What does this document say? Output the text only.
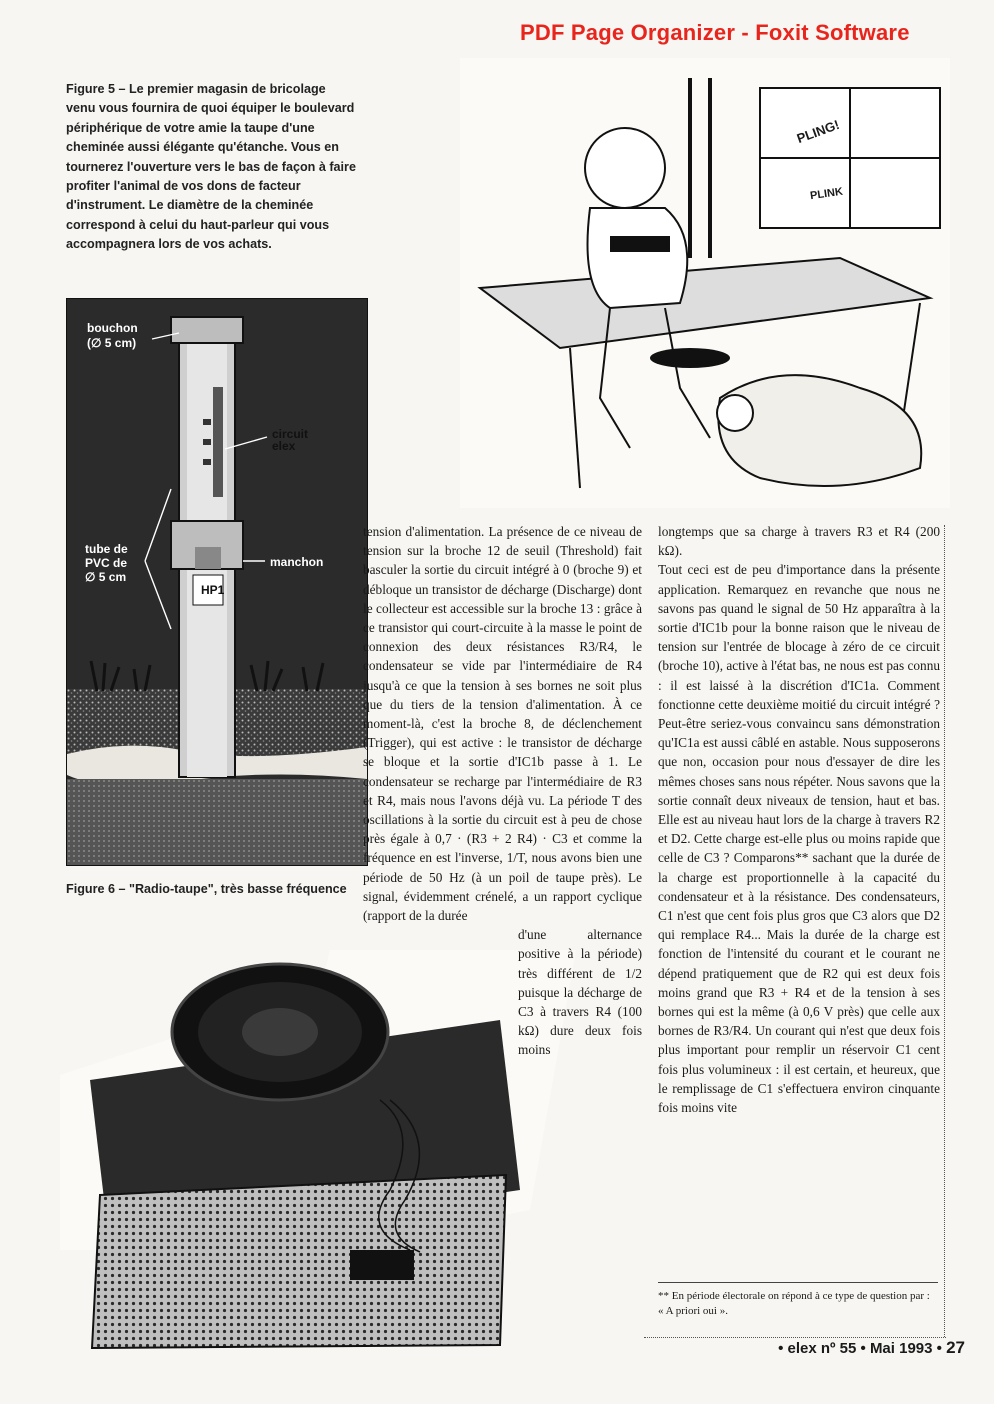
PDF Page Organizer - Foxit Software
Figure 5 – Le premier magasin de bricolage venu vous fournira de quoi équiper le boulevard périphérique de votre amie la taupe d'une cheminée aussi élégante qu'étanche. Vous en tournerez l'ouverture vers le bas de façon à faire profiter l'animal de vos dons de facteur d'instrument. Le diamètre de la cheminée correspond à celui du haut-parleur qui vous accompagnera lors de vos achats.
bouchon
(∅ 5 cm)
circuit
elex
tube de
PVC de
∅ 5 cm
manchon
HP1
PLING!
PLINK
Figure 6 – "Radio-taupe", très basse fréquence

tension d'alimentation. La présence de ce niveau de tension sur la broche 12 de seuil (Threshold) fait basculer la sortie du circuit intégré à 0 (broche 9) et débloque un transistor de décharge (Discharge) dont le collecteur est accessible sur la broche 13 : grâce à ce transistor qui court-circuite à la masse le point de connexion des deux résistances R3/R4, le condensateur se vide par l'intermédiaire de R4 jusqu'à ce que la tension à ses bornes ne soit plus que du tiers de la tension d'alimentation. À ce moment-là, c'est la broche 8, de déclenchement (Trigger), qui est active : le transistor de décharge se bloque et la sortie d'IC1b passe à 1. Le condensateur se recharge par l'intermédiaire de R3 et R4, mais nous l'avons déjà vu. La période T des oscillations à la sortie du circuit est à peu de chose près égale à 0,7 · (R3 + 2 R4) · C3 et comme la fréquence en est l'inverse, 1/T, nous avons bien une période de 50 Hz (à un poil de taupe près). Le signal, évidemment crénelé, a un rapport cyclique (rapport de la durée

d'une alternance positive à la période) très différent de 1/2 puisque la décharge de C3 à travers R4 (100 kΩ) dure deux fois moins

longtemps que sa charge à travers R3 et R4 (200 kΩ).

Tout ceci est de peu d'importance dans la présente application. Remarquez en revanche que nous ne savons pas quand le signal de 50 Hz apparaîtra à la sortie d'IC1b pour la bonne raison que le niveau de tension sur l'entrée de blocage à zéro de ce circuit (broche 10), active à l'état bas, ne nous est pas connu : il est laissé à la discrétion d'IC1a. Comment fonctionne cette deuxième moitié du circuit intégré ? Peut-être seriez-vous convaincu sans démonstration qu'IC1a est aussi câblé en astable. Nous supposerons que non, occasion pour nous d'essayer de dire les mêmes choses sans nous répéter. Nous savons que la sortie connaît deux niveaux de tension, haut et bas. Elle est au niveau haut lors de la charge à travers R2 et D2. Cette charge est-elle plus ou moins rapide que celle de C3 ? Comparons** sachant que la durée de la charge est proportionnelle à la capacité du condensateur et à la résistance. Des condensateurs, C1 n'est que cent fois plus gros que C3 alors que D2 qui remplace R4... Mais la durée de la charge est fonction de l'intensité du courant et le courant ne dépend pratiquement que de R2 qui est deux fois moins grand que R3 + R4 et de la tension à ses bornes qui est la même (à 0,6 V près) que celle aux bornes de R3/R4. Un courant qui n'est que deux fois plus important pour remplir un réservoir C1 cent fois plus volumineux : il est certain, et heureux, que le remplissage de C1 s'effectuera environ cinquante fois moins vite

** En période électorale on répond à ce type de question par : « A priori oui ».
• elex nº 55 • Mai 1993 • 27
